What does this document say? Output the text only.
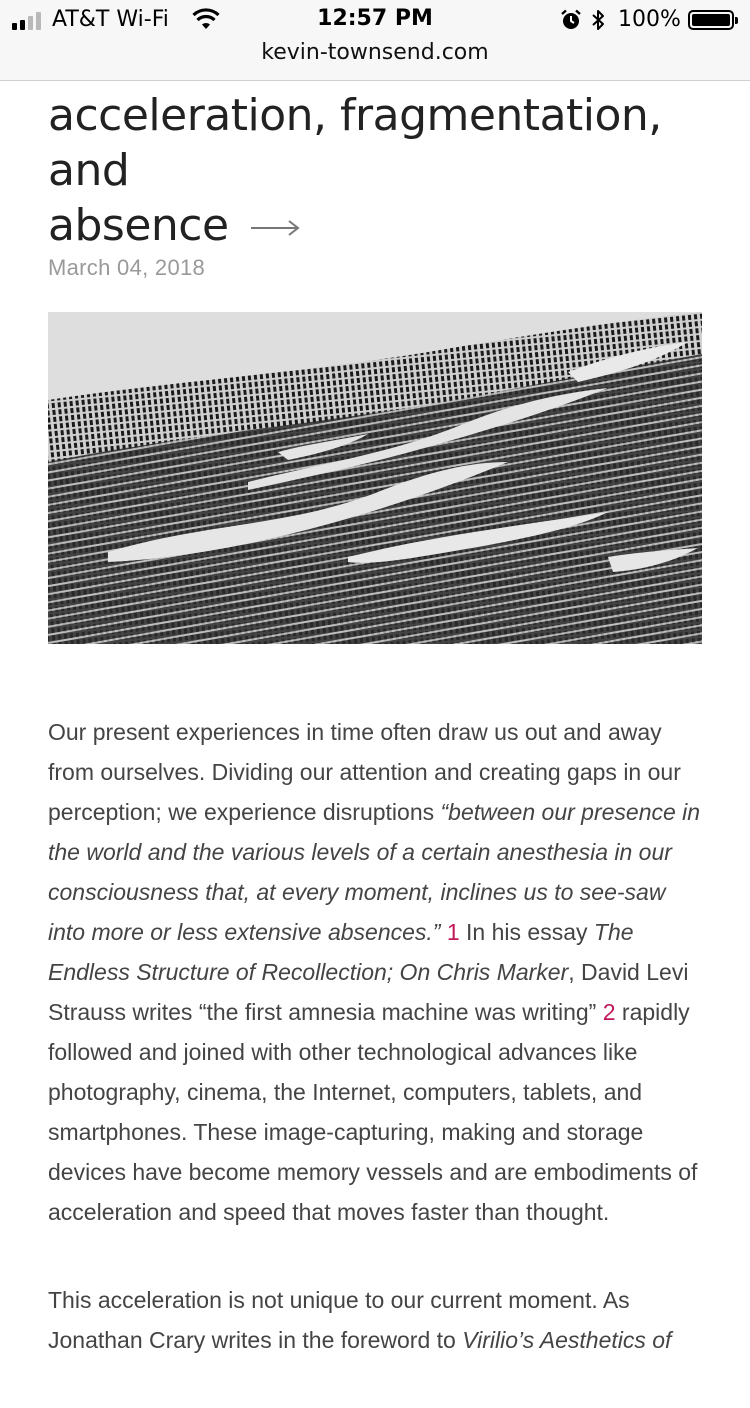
AT&T Wi-Fi	12:57 PM	100%
kevin-townsend.com
acceleration, fragmentation, and
absence
March 04, 2018

Our present experiences in time often draw us out and away from ourselves. Dividing our attention and creating gaps in our perception; we experience disruptions “between our presence in the world and the various levels of a certain anesthesia in our consciousness that, at every moment, inclines us to see-saw into more or less extensive absences.” 1 In his essay The Endless Structure of Recollection; On Chris Marker, David Levi Strauss writes “the first amnesia machine was writing” 2 rapidly followed and joined with other technological advances like photography, cinema, the Internet, computers, tablets, and smartphones. These image-capturing, making and storage devices have become memory vessels and are embodiments of acceleration and speed that moves faster than thought.

This acceleration is not unique to our current moment. As Jonathan Crary writes in the foreword to Virilio’s Aesthetics of
